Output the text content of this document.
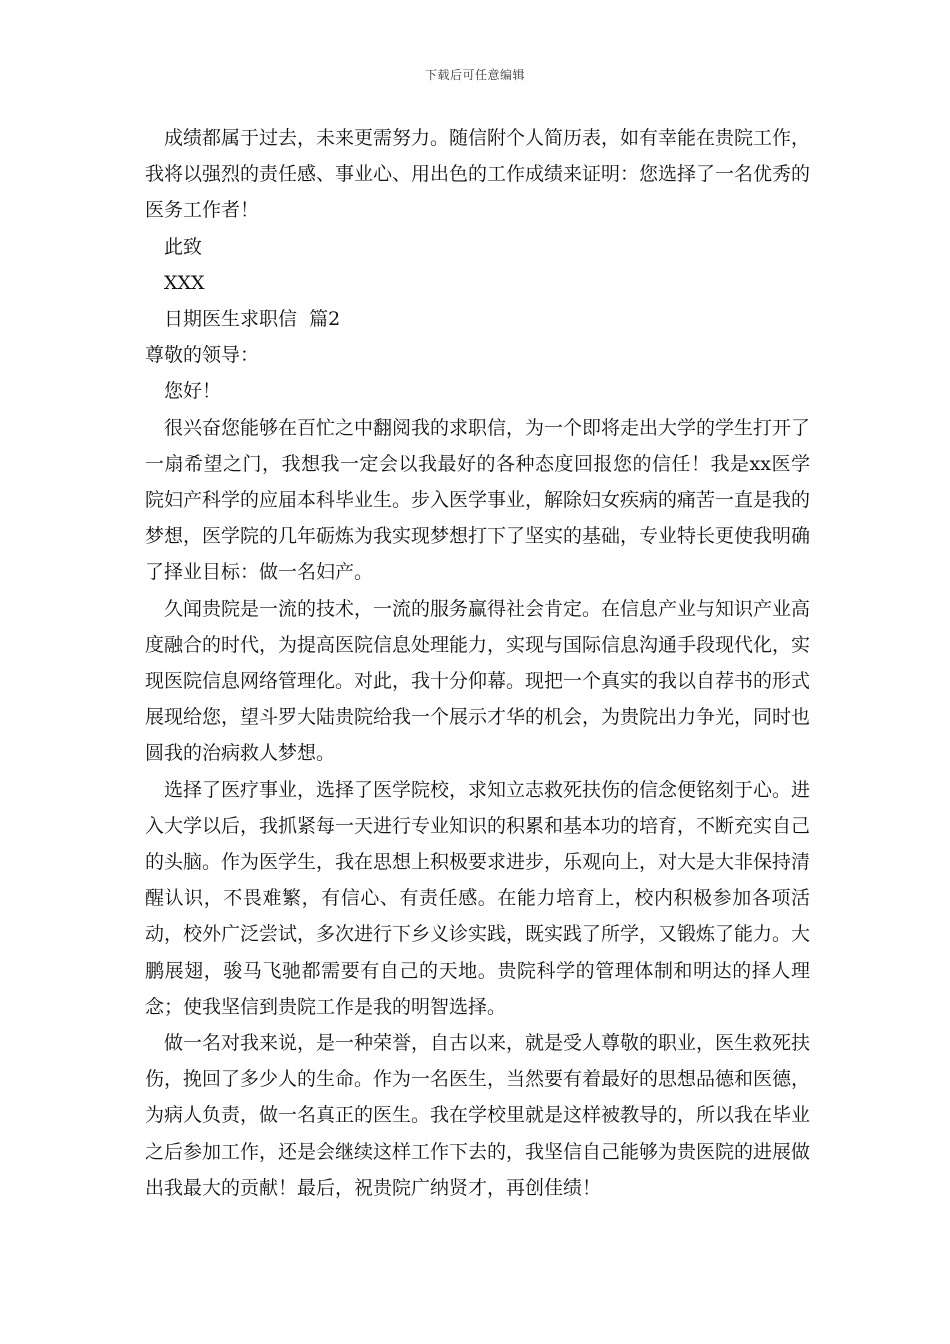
下载后可任意编辑

成绩都属于过去，未来更需努力。随信附个人简历表，如有幸能在贵院工作，我将以强烈的责任感、事业心、用出色的工作成绩来证明：您选择了一名优秀的医务工作者！

此致

XXX

日期医生求职信  篇2

尊敬的领导：

您好！

很兴奋您能够在百忙之中翻阅我的求职信，为一个即将走出大学的学生打开了一扇希望之门，我想我一定会以我最好的各种态度回报您的信任！我是xx医学院妇产科学的应届本科毕业生。步入医学事业，解除妇女疾病的痛苦一直是我的梦想，医学院的几年砺炼为我实现梦想打下了坚实的基础，专业特长更使我明确了择业目标：做一名妇产。

久闻贵院是一流的技术，一流的服务赢得社会肯定。在信息产业与知识产业高度融合的时代，为提高医院信息处理能力，实现与国际信息沟通手段现代化，实现医院信息网络管理化。对此，我十分仰幕。现把一个真实的我以自荐书的形式展现给您，望斗罗大陆贵院给我一个展示才华的机会，为贵院出力争光，同时也圆我的治病救人梦想。

选择了医疗事业，选择了医学院校，求知立志救死扶伤的信念便铭刻于心。进入大学以后，我抓紧每一天进行专业知识的积累和基本功的培育，不断充实自己的头脑。作为医学生，我在思想上积极要求进步，乐观向上，对大是大非保持清醒认识，不畏难繁，有信心、有责任感。在能力培育上，校内积极参加各项活动，校外广泛尝试，多次进行下乡义诊实践，既实践了所学，又锻炼了能力。大鹏展翅，骏马飞驰都需要有自己的天地。贵院科学的管理体制和明达的择人理念；使我坚信到贵院工作是我的明智选择。

做一名对我来说，是一种荣誉，自古以来，就是受人尊敬的职业，医生救死扶伤，挽回了多少人的生命。作为一名医生，当然要有着最好的思想品德和医德，为病人负责，做一名真正的医生。我在学校里就是这样被教导的，所以我在毕业之后参加工作，还是会继续这样工作下去的，我坚信自己能够为贵医院的进展做出我最大的贡献！最后，祝贵院广纳贤才，再创佳绩！
